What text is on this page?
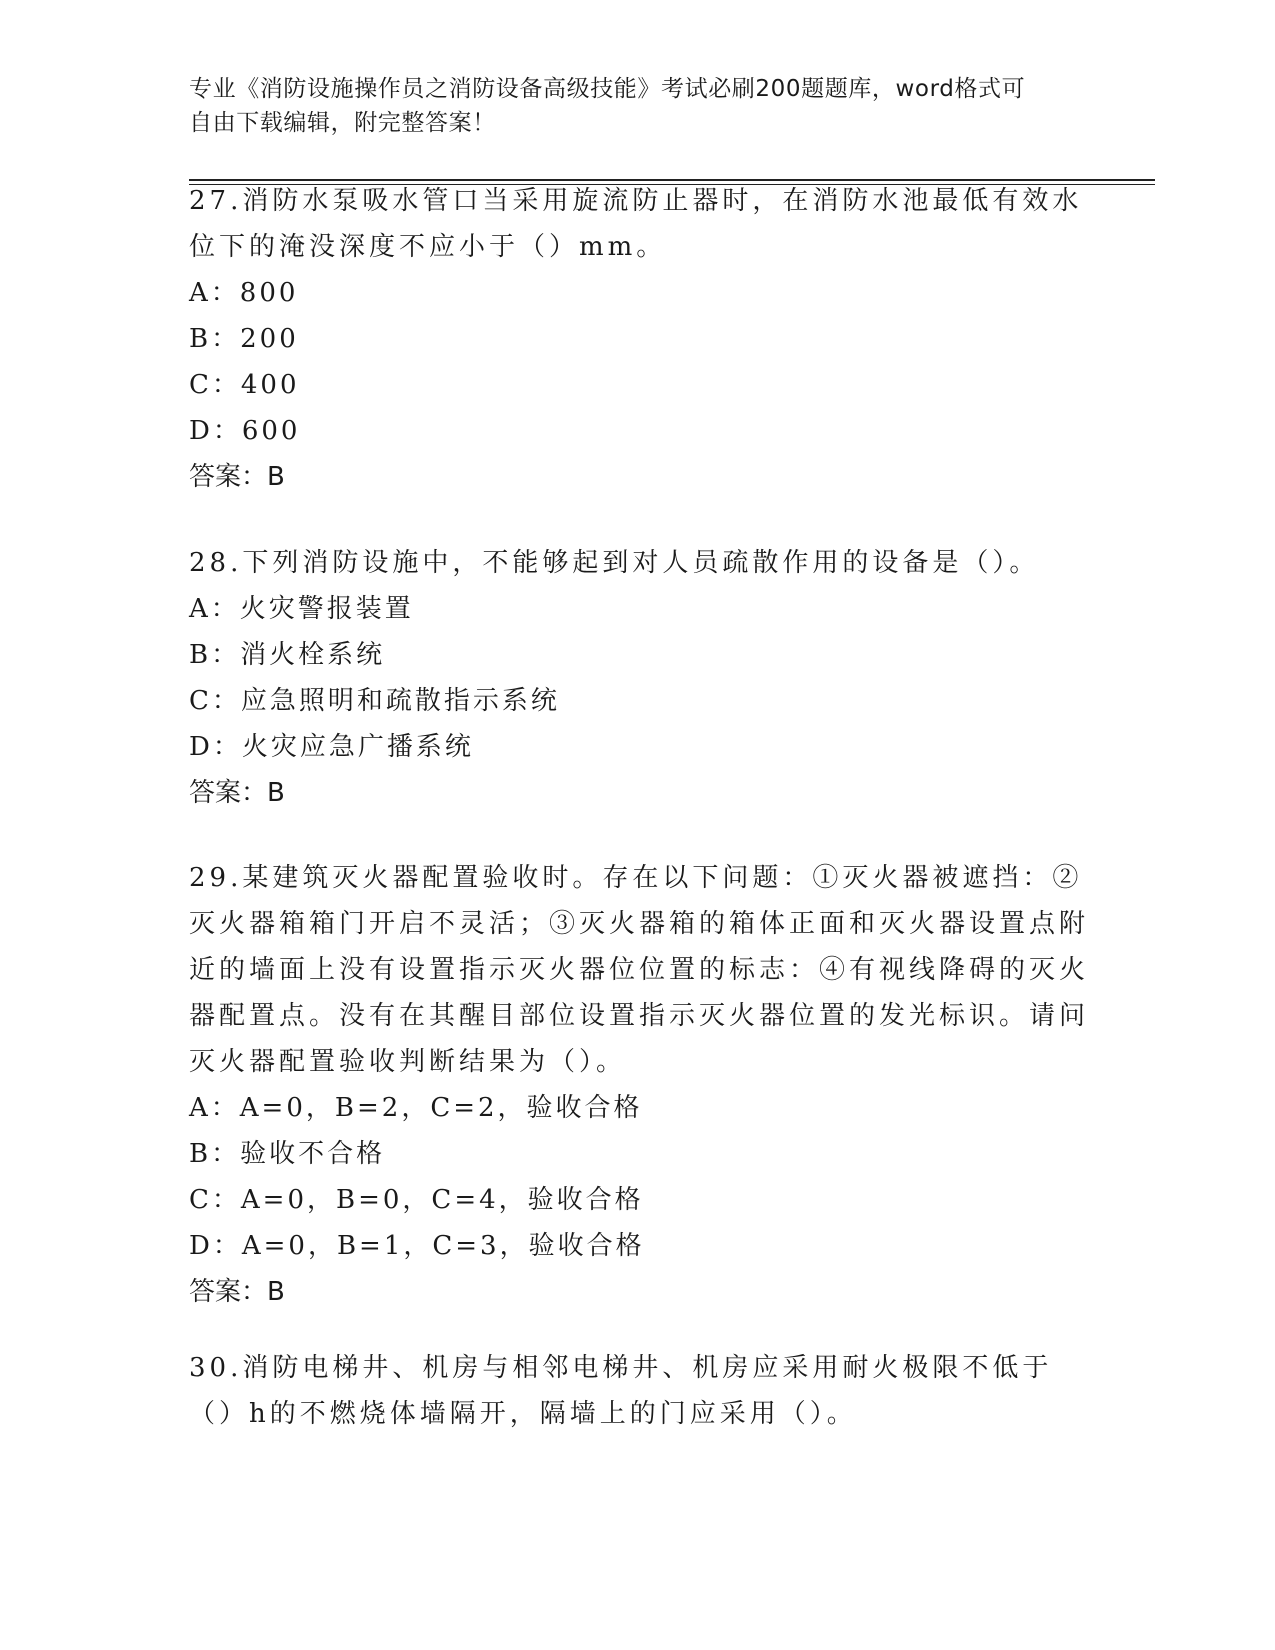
专业《消防设施操作员之消防设备高级技能》考试必刷200题题库，word格式可
自由下载编辑，附完整答案！

27.消防水泵吸水管口当采用旋流防止器时，在消防水池最低有效水位下的淹没深度不应小于（）mm。

A：800

B：200

C：400

D：600

答案：B

28.下列消防设施中，不能够起到对人员疏散作用的设备是（）。

A：火灾警报装置

B：消火栓系统

C：应急照明和疏散指示系统

D：火灾应急广播系统

答案：B

29.某建筑灭火器配置验收时。存在以下问题：①灭火器被遮挡：②灭火器箱箱门开启不灵活；③灭火器箱的箱体正面和灭火器设置点附近的墙面上没有设置指示灭火器位位置的标志：④有视线降碍的灭火器配置点。没有在其醒目部位设置指示灭火器位置的发光标识。请问灭火器配置验收判断结果为（）。

A：A=0，B=2，C=2，验收合格

B：验收不合格

C：A=0，B=0，C=4，验收合格

D：A=0，B=1，C=3，验收合格

答案：B

30.消防电梯井、机房与相邻电梯井、机房应采用耐火极限不低于（）h的不燃烧体墙隔开，隔墙上的门应采用（）。
